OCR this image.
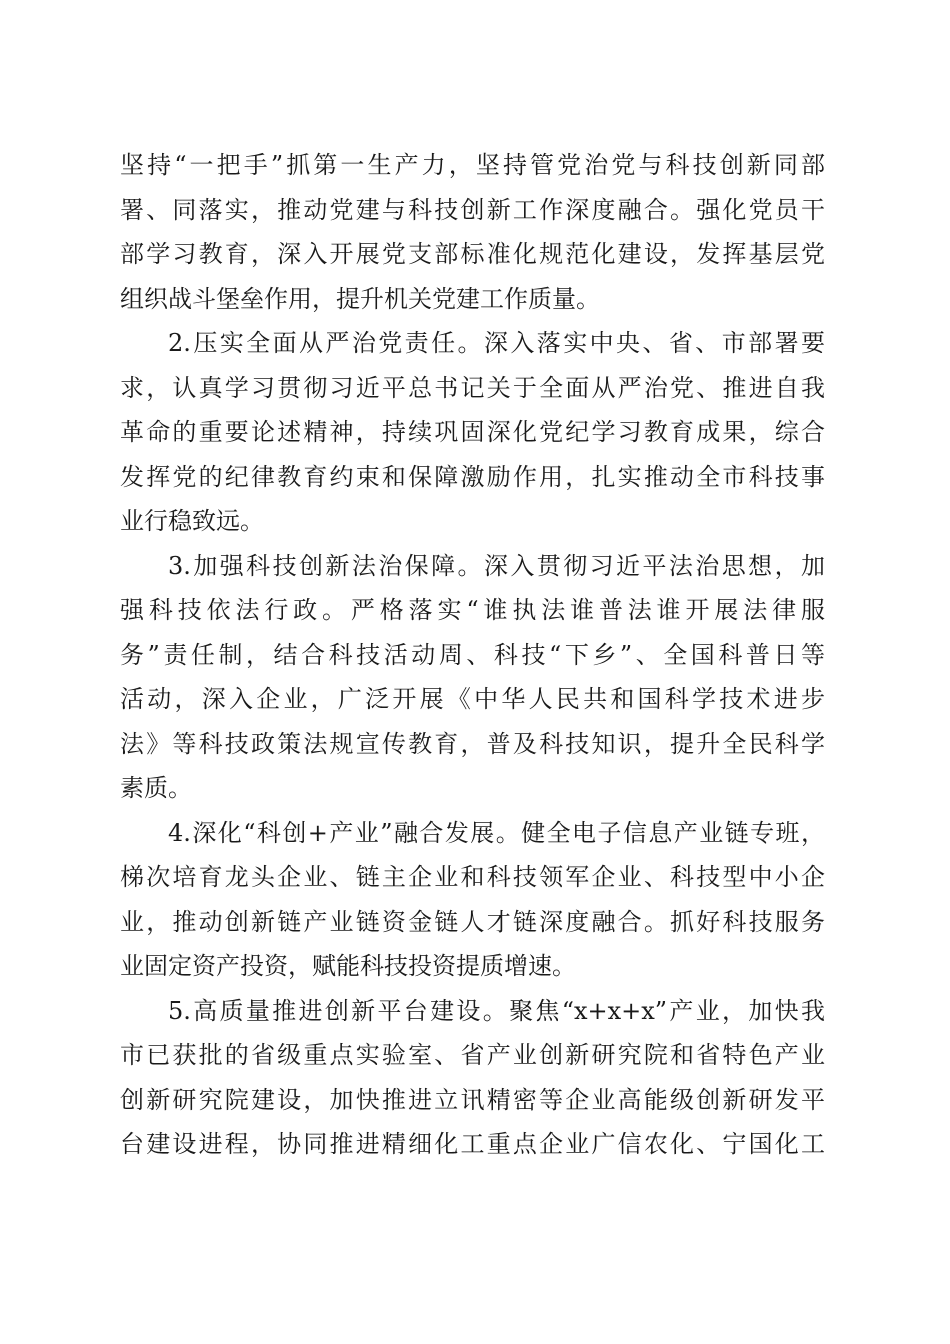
坚持“一把手”抓第一生产力，坚持管党治党与科技创新同部
署、同落实，推动党建与科技创新工作深度融合。强化党员干
部学习教育，深入开展党支部标准化规范化建设，发挥基层党
组织战斗堡垒作用，提升机关党建工作质量。
2.压实全面从严治党责任。深入落实中央、省、市部署要
求，认真学习贯彻习近平总书记关于全面从严治党、推进自我
革命的重要论述精神，持续巩固深化党纪学习教育成果，综合
发挥党的纪律教育约束和保障激励作用，扎实推动全市科技事
业行稳致远。
3.加强科技创新法治保障。深入贯彻习近平法治思想，加
强科技依法行政。严格落实“谁执法谁普法谁开展法律服
务”责任制，结合科技活动周、科技“下乡”、全国科普日等
活动，深入企业，广泛开展《中华人民共和国科学技术进步
法》等科技政策法规宣传教育，普及科技知识，提升全民科学
素质。
4.深化“科创+产业”融合发展。健全电子信息产业链专班，
梯次培育龙头企业、链主企业和科技领军企业、科技型中小企
业，推动创新链产业链资金链人才链深度融合。抓好科技服务
业固定资产投资，赋能科技投资提质增速。
5.高质量推进创新平台建设。聚焦“x+x+x”产业，加快我
市已获批的省级重点实验室、省产业创新研究院和省特色产业
创新研究院建设，加快推进立讯精密等企业高能级创新研发平
台建设进程，协同推进精细化工重点企业广信农化、宁国化工
